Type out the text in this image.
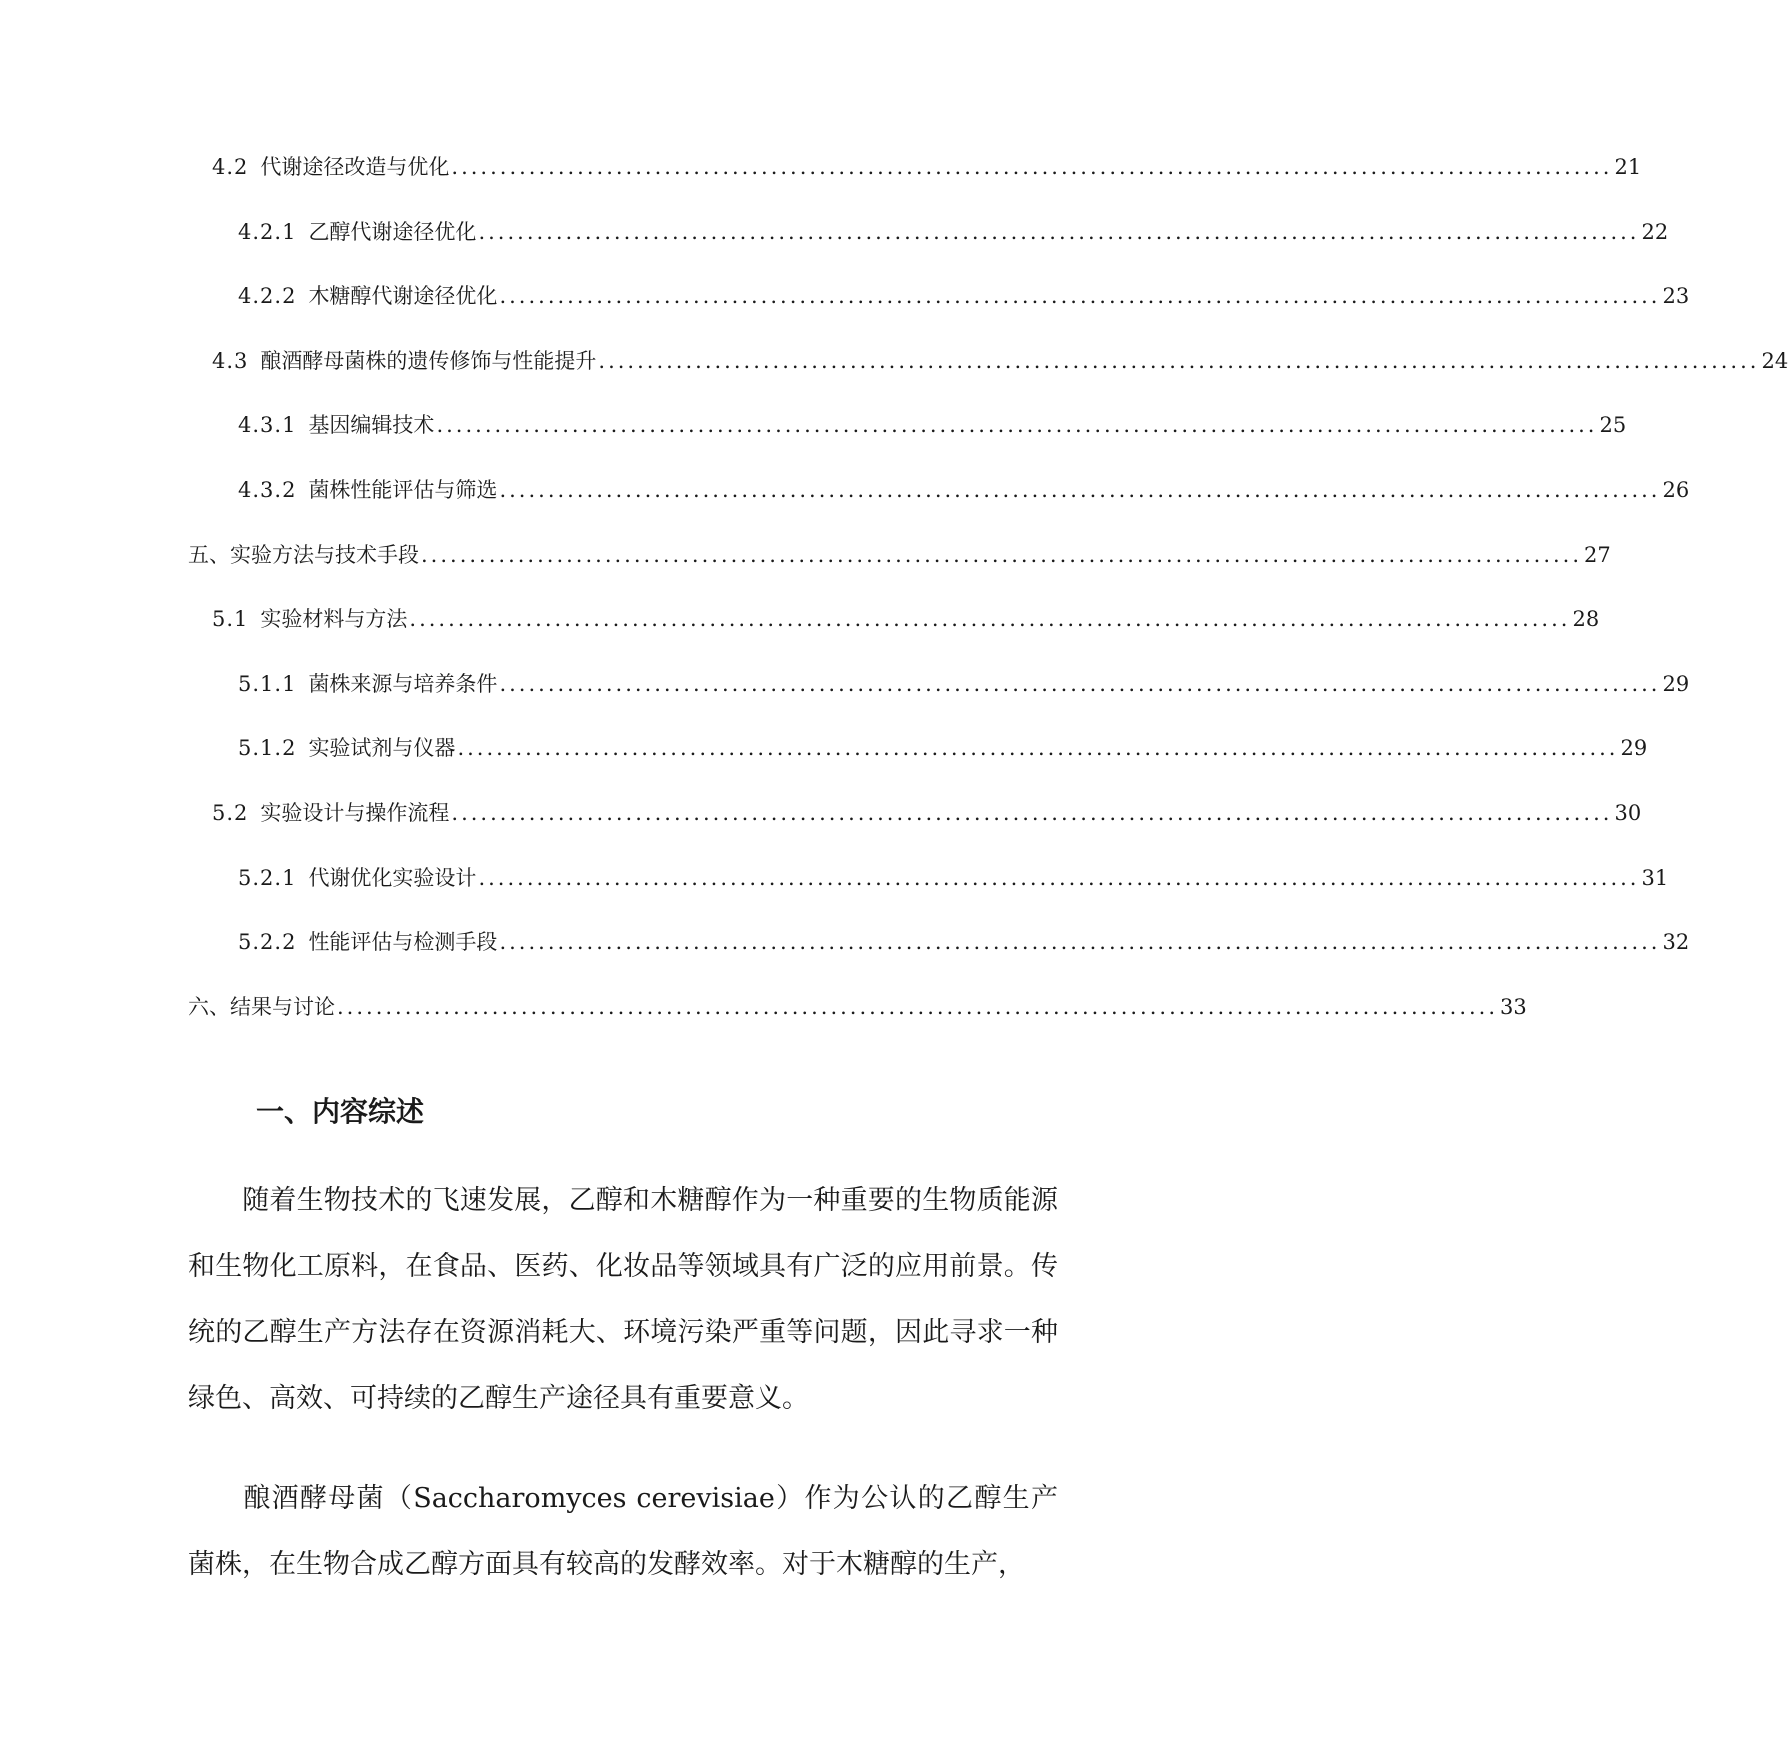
4.2 代谢途径改造与优化 ........................................................................................................................ 21
4.2.1 乙醇代谢途径优化 ........................................................................................................................ 22
4.2.2 木糖醇代谢途径优化 ........................................................................................................................ 23
4.3 酿酒酵母菌株的遗传修饰与性能提升 ........................................................................................................................ 24
4.3.1 基因编辑技术 ........................................................................................................................ 25
4.3.2 菌株性能评估与筛选 ........................................................................................................................ 26
五、实验方法与技术手段 ........................................................................................................................ 27
5.1 实验材料与方法 ........................................................................................................................ 28
5.1.1 菌株来源与培养条件 ........................................................................................................................ 29
5.1.2 实验试剂与仪器 ........................................................................................................................ 29
5.2 实验设计与操作流程 ........................................................................................................................ 30
5.2.1 代谢优化实验设计 ........................................................................................................................ 31
5.2.2 性能评估与检测手段 ........................................................................................................................ 32
六、结果与讨论 ........................................................................................................................ 33
一、内容综述
随着生物技术的飞速发展，乙醇和木糖醇作为一种重要的生物质能源和生物化工原料，在食品、医药、化妆品等领域具有广泛的应用前景。传统的乙醇生产方法存在资源消耗大、环境污染严重等问题，因此寻求一种绿色、高效、可持续的乙醇生产途径具有重要意义。
酿酒酵母菌（Saccharomyces cerevisiae）作为公认的乙醇生产菌株，在生物合成乙醇方面具有较高的发酵效率。对于木糖醇的生产，
